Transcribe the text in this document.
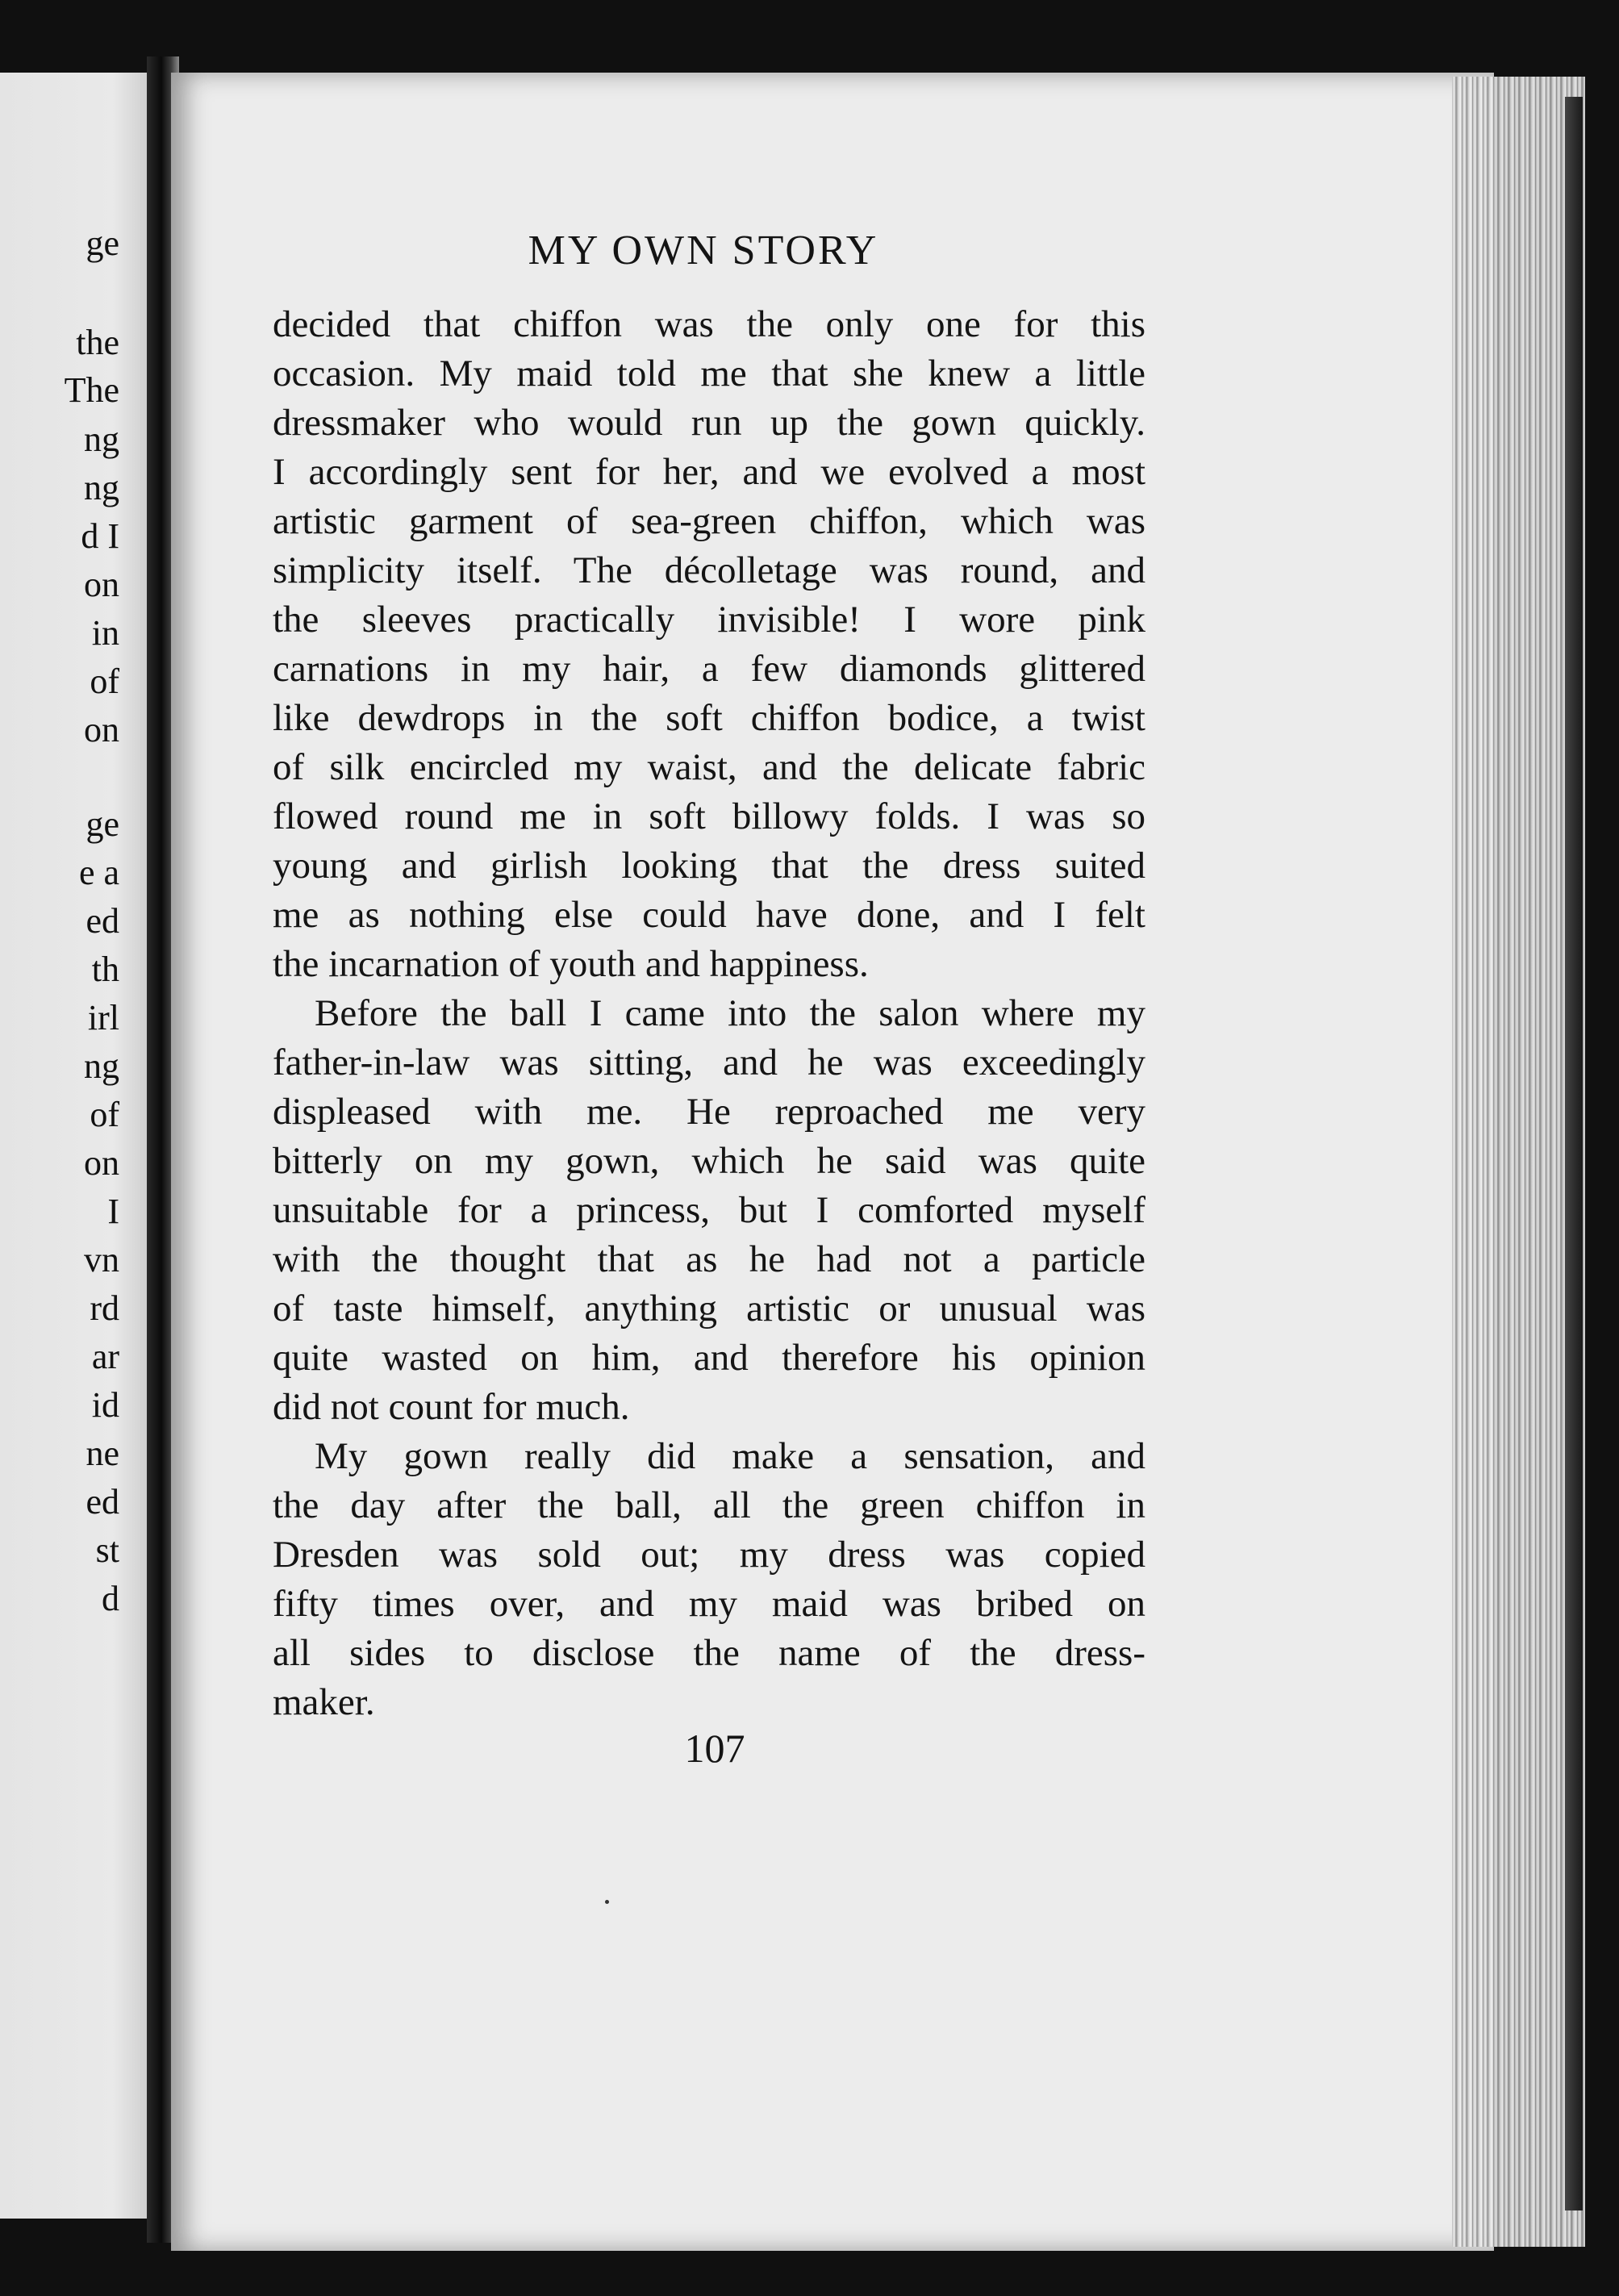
ge
the
The
ng
ng
d I
on
in
of
on
ge
e a
ed
th
irl
ng
of
on
I
vn
rd
ar
id
ne
ed
st
d
MY OWN STORY
decided that chiffon was the only one for this
occasion. My maid told me that she knew a little
dressmaker who would run up the gown quickly.
I accordingly sent for her, and we evolved a most
artistic garment of sea-green chiffon, which was
simplicity itself. The décolletage was round, and
the sleeves practically invisible! I wore pink
carnations in my hair, a few diamonds glittered
like dewdrops in the soft chiffon bodice, a twist
of silk encircled my waist, and the delicate fabric
flowed round me in soft billowy folds. I was so
young and girlish looking that the dress suited
me as nothing else could have done, and I felt
the incarnation of youth and happiness.
Before the ball I came into the salon where my
father-in-law was sitting, and he was exceedingly
displeased with me. He reproached me very
bitterly on my gown, which he said was quite
unsuitable for a princess, but I comforted myself
with the thought that as he had not a particle
of taste himself, anything artistic or unusual was
quite wasted on him, and therefore his opinion
did not count for much.
My gown really did make a sensation, and
the day after the ball, all the green chiffon in
Dresden was sold out; my dress was copied
fifty times over, and my maid was bribed on
all sides to disclose the name of the dress-
maker.
107
